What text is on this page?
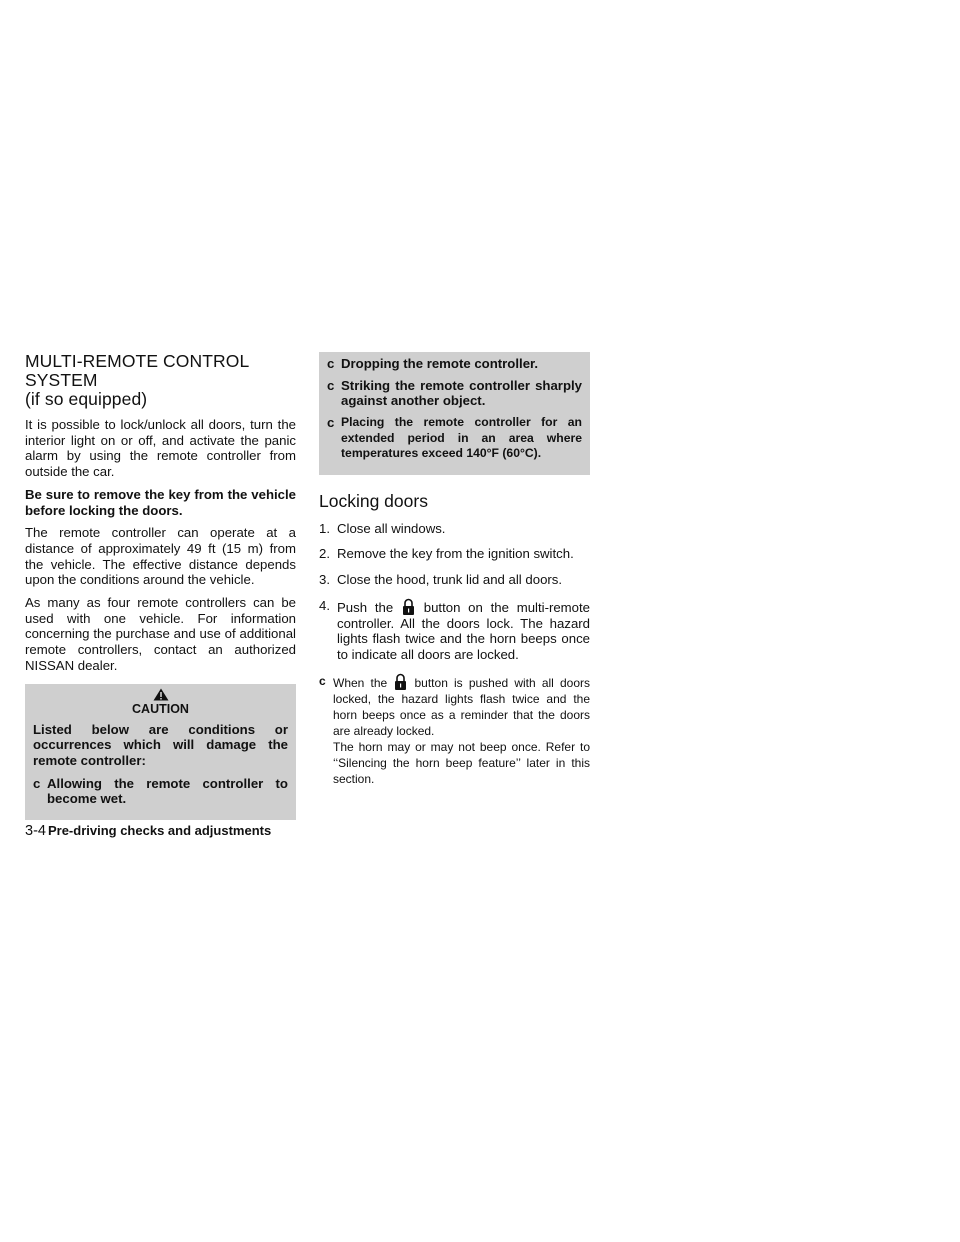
MULTI-REMOTE CONTROL
SYSTEM
(if so equipped)

It is possible to lock/unlock all doors, turn the interior light on or off, and activate the panic alarm by using the remote controller from outside the car.

Be sure to remove the key from the vehicle before locking the doors.

The remote controller can operate at a distance of approximately 49 ft (15 m) from the vehicle. The effective distance depends upon the conditions around the vehicle.

As many as four remote controllers can be used with one vehicle. For information concerning the purchase and use of additional remote controllers, contact an authorized NISSAN dealer.

CAUTION

Listed below are conditions or occurrences which will damage the remote controller:

c Allowing the remote controller to become wet.
c Dropping the remote controller.
c Striking the remote controller sharply against another object.
c Placing the remote controller for an extended period in an area where temperatures exceed 140°F (60°C).
Locking doors
1. Close all windows.
2. Remove the key from the ignition switch.
3. Close the hood, trunk lid and all doors.
4. Push the button on the multi-remote controller. All the doors lock. The hazard lights flash twice and the horn beeps once to indicate all doors are locked.
c When the button is pushed with all doors locked, the hazard lights flash twice and the horn beeps once as a reminder that the doors are already locked.
The horn may or may not beep once. Refer to ‘‘Silencing the horn beep feature’’ later in this section.
3-4 Pre-driving checks and adjustments
